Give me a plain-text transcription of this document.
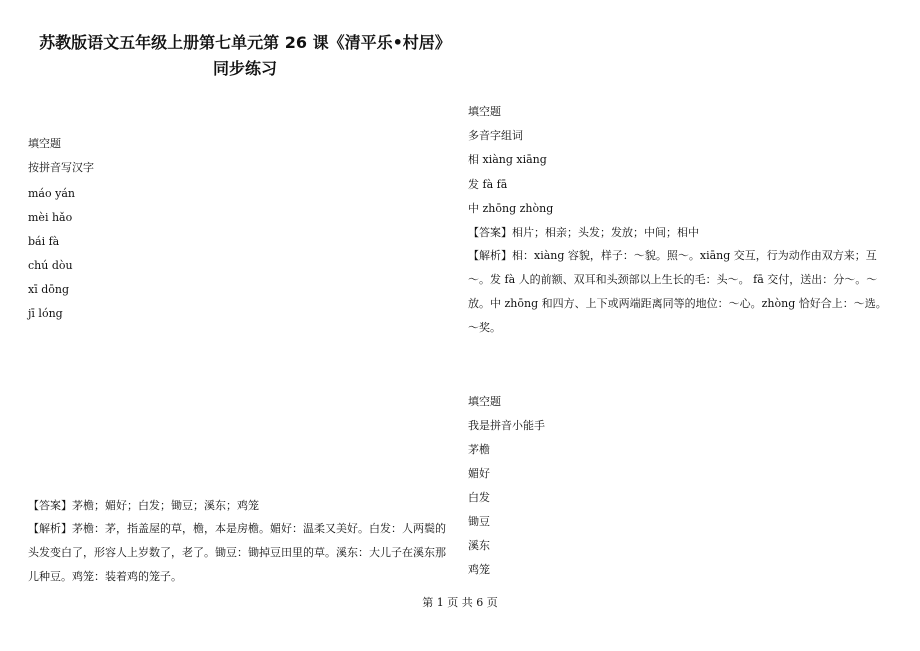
苏教版语文五年级上册第七单元第 26 课《清平乐•村居》
同步练习
填空题
按拼音写汉字
máo yán
mèi hǎo
bái fà
chú dòu
xī dōng
jī lóng
【答案】茅檐；媚好；白发；锄豆；溪东；鸡笼
【解析】茅檐：茅，指盖屋的草，檐，本是房檐。媚好：温柔又美好。白发：人两鬓的头发变白了，形容人上岁数了，老了。锄豆：锄掉豆田里的草。溪东：大儿子在溪东那儿种豆。鸡笼：装着鸡的笼子。
填空题
多音字组词
相 xiàng xiāng
发 fà fā
中 zhōng zhòng
【答案】相片；相亲；头发；发放；中间；相中
【解析】相：xiàng 容貌，样子：～貌。照～。xiāng 交互，行为动作由双方来；互～。发 fà 人的前额、双耳和头颈部以上生长的毛：头～。 fā 交付，送出：分～。～放。中 zhōng 和四方、上下或两端距离同等的地位：～心。zhòng 恰好合上：～选。～奖。
填空题
我是拼音小能手
茅檐
媚好
白发
锄豆
溪东
鸡笼
第 1 页 共 6 页
